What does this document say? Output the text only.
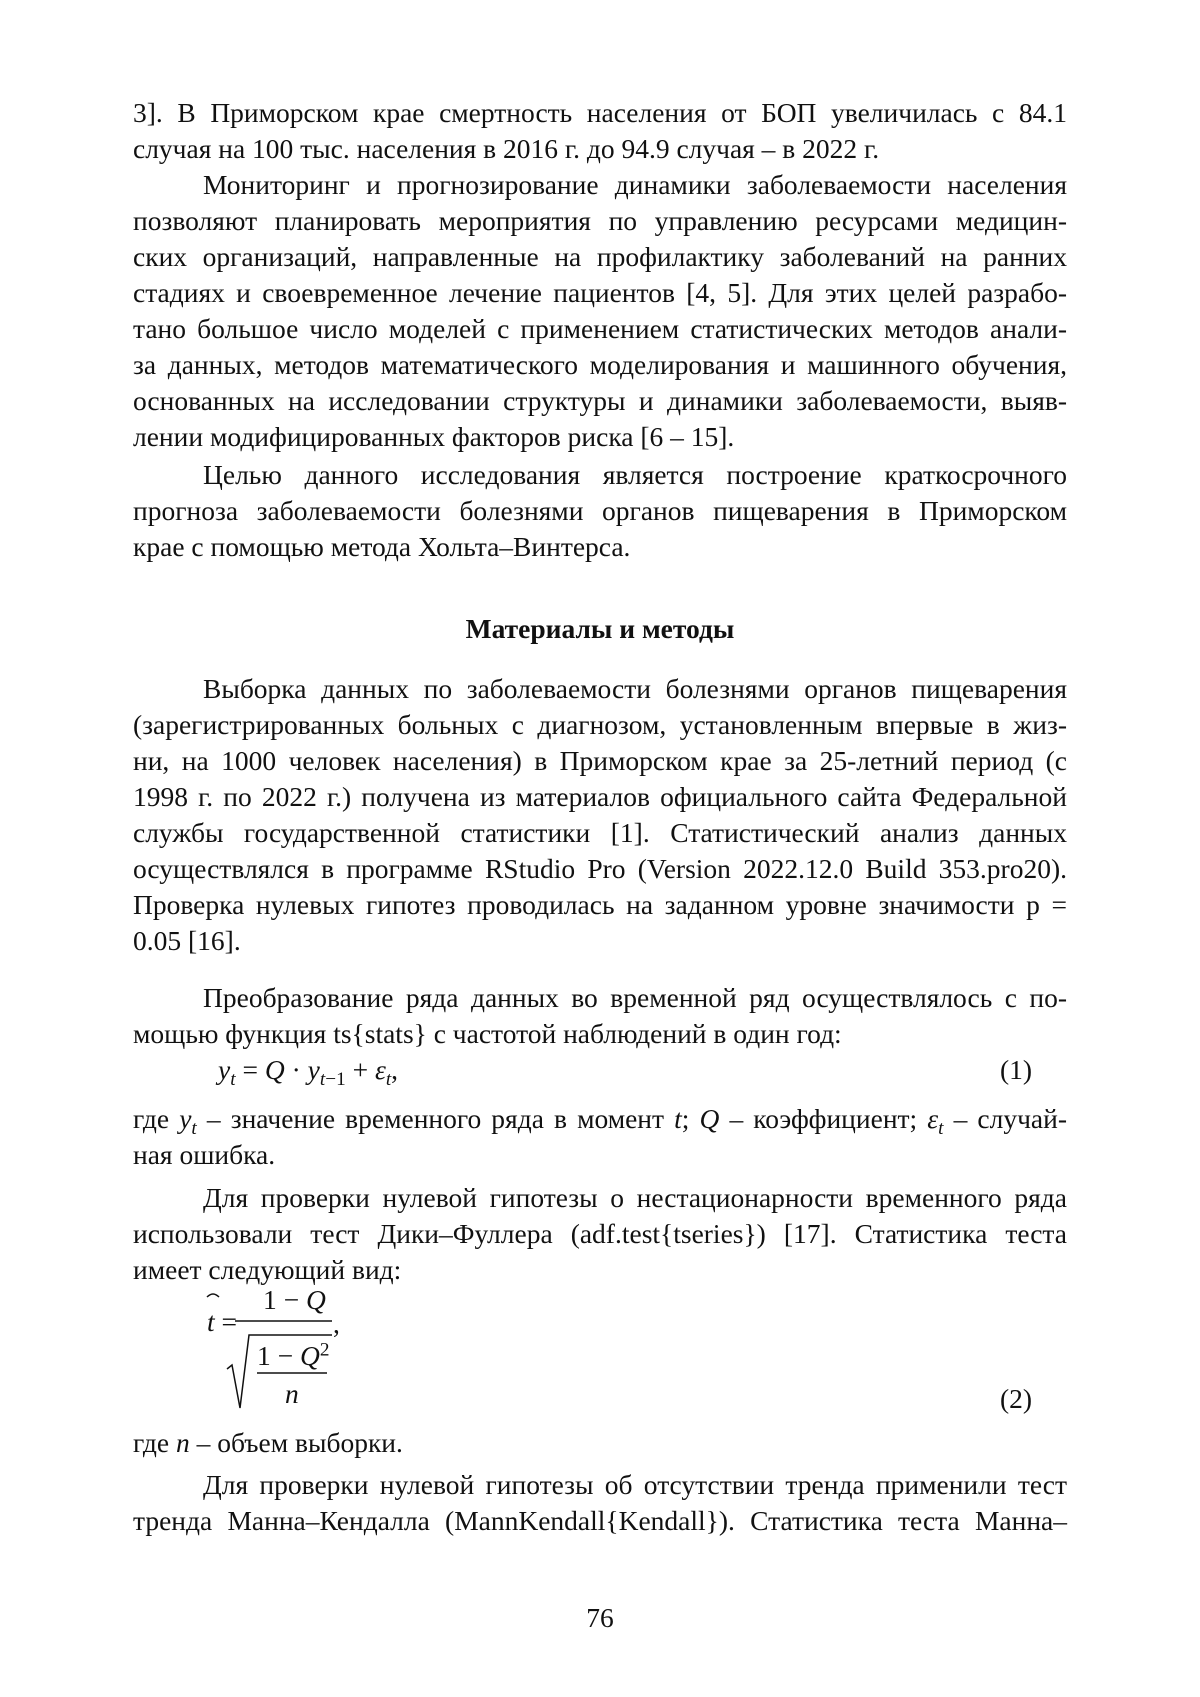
3]. В Приморском крае смертность населения от БОП увеличилась с 84.1
случая на 100 тыс. населения в 2016 г. до 94.9 случая – в 2022 г.
Мониторинг и прогнозирование динамики заболеваемости населения
позволяют планировать мероприятия по управлению ресурсами медицин-
ских организаций, направленные на профилактику заболеваний на ранних
стадиях и своевременное лечение пациентов [4, 5]. Для этих целей разрабо-
тано большое число моделей с применением статистических методов анали-
за данных, методов математического моделирования и машинного обучения,
основанных на исследовании структуры и динамики заболеваемости, выяв-
лении модифицированных факторов риска [6 – 15].
Целью данного исследования является построение краткосрочного
прогноза заболеваемости болезнями органов пищеварения в Приморском
крае с помощью метода Хольта–Винтерса.
Материалы и методы
Выборка данных по заболеваемости болезнями органов пищеварения
(зарегистрированных больных с диагнозом, установленным впервые в жиз-
ни, на 1000 человек населения) в Приморском крае за 25-летний период (с
1998 г. по 2022 г.) получена из материалов официального сайта Федеральной
службы государственной статистики [1]. Статистический анализ данных
осуществлялся в программе RStudio Pro (Version 2022.12.0 Build 353.pro20).
Проверка нулевых гипотез проводилась на заданном уровне значимости p =
0.05 [16].
Преобразование ряда данных во временной ряд осуществлялось с по-
мощью функция ts{stats} с частотой наблюдений в один год:
$y_t = Q \cdot y_{t-1} + \varepsilon_t$,	(1)
где $y_t$ – значение временного ряда в момент t; Q – коэффициент; $\varepsilon_t$ – случай-
ная ошибка.
Для проверки нулевой гипотезы о нестационарности временного ряда
использовали тест Дики–Фуллера (adf.test{tseries}) [17]. Статистика теста
имеет следующий вид:
t =
1 − Q
,
$1 - Q^2$
n	(2)
где n – объем выборки.
Для проверки нулевой гипотезы об отсутствии тренда применили тест
тренда Манна–Кендалла (MannKendall{Kendall}). Статистика теста Манна–
76
